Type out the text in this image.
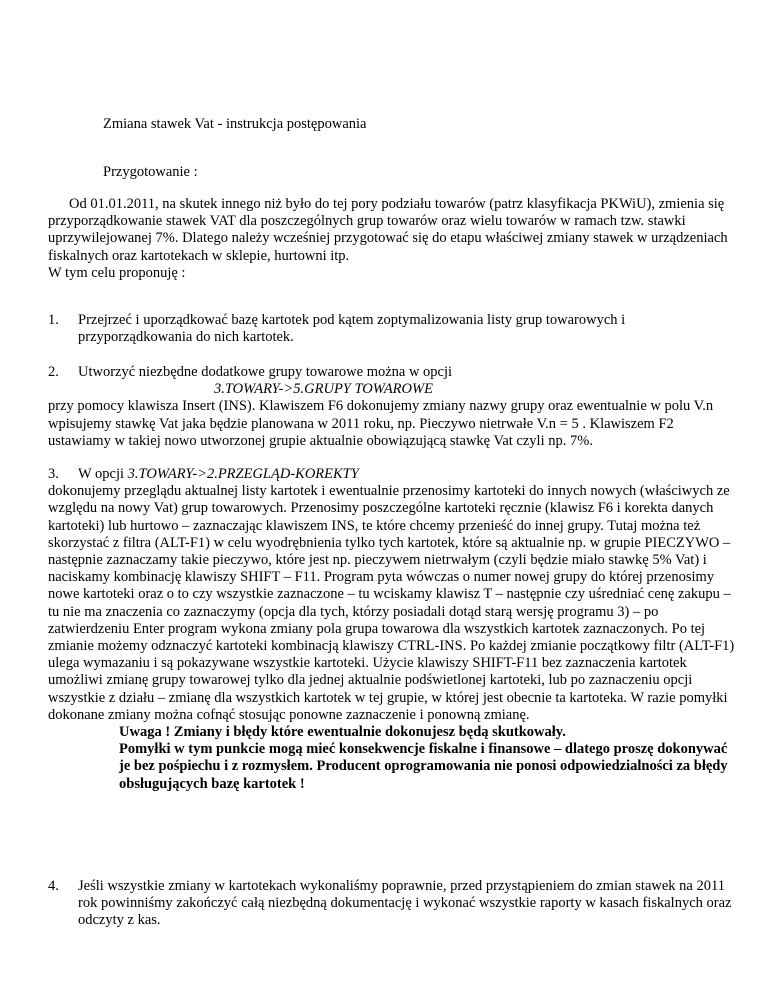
Zmiana stawek Vat - instrukcja postępowania
Przygotowanie :

Od 01.01.2011, na skutek innego niż było do tej pory podziału towarów (patrz klasyfikacja PKWiU), zmienia się przyporządkowanie stawek VAT dla poszczególnych grup towarów oraz wielu towarów w ramach tzw. stawki uprzywilejowanej 7%. Dlatego należy wcześniej przygotować się do etapu właściwej zmiany stawek w urządzeniach fiskalnych oraz kartotekach w sklepie, hurtowni itp.

W tym celu proponuję :

1.	Przejrzeć i uporządkować bazę kartotek pod kątem zoptymalizowania listy grup towarowych i przyporządkowania do nich kartotek.
2.	Utworzyć niezbędne dodatkowe grupy towarowe można w opcji
3.TOWARY->5.GRUPY TOWAROWE
przy pomocy klawisza Insert (INS). Klawiszem F6 dokonujemy zmiany nazwy grupy oraz ewentualnie w polu V.n wpisujemy stawkę Vat jaka będzie planowana w 2011 roku, np. Pieczywo nietrwałe V.n = 5 . Klawiszem F2 ustawiamy w takiej nowo utworzonej grupie aktualnie obowiązującą stawkę Vat czyli np. 7%.
3.	W opcji 3.TOWARY->2.PRZEGLĄD-KOREKTY
dokonujemy przeglądu aktualnej listy kartotek i ewentualnie przenosimy kartoteki do innych nowych (właściwych ze względu na nowy Vat) grup towarowych. Przenosimy poszczególne kartoteki ręcznie (klawisz F6 i korekta danych kartoteki) lub hurtowo – zaznaczając klawiszem INS, te które chcemy przenieść do innej grupy. Tutaj można też skorzystać z filtra (ALT-F1) w celu wyodrębnienia tylko tych kartotek, które są aktualnie np. w grupie PIECZYWO – następnie zaznaczamy takie pieczywo, które jest np. pieczywem nietrwałym (czyli będzie miało stawkę 5% Vat) i naciskamy kombinację klawiszy SHIFT – F11. Program pyta wówczas o numer nowej grupy do której przenosimy nowe kartoteki oraz o to czy wszystkie zaznaczone – tu wciskamy klawisz T – następnie czy uśredniać cenę zakupu – tu nie ma znaczenia co zaznaczymy (opcja dla tych, którzy posiadali dotąd starą wersję programu 3) – po zatwierdzeniu Enter program wykona zmiany pola grupa towarowa dla wszystkich kartotek zaznaczonych. Po tej zmianie możemy odznaczyć kartoteki kombinacją klawiszy CTRL-INS. Po każdej zmianie początkowy filtr (ALT-F1) ulega wymazaniu i są pokazywane wszystkie kartoteki. Użycie klawiszy SHIFT-F11 bez zaznaczenia kartotek umożliwi zmianę grupy towarowej tylko dla jednej aktualnie podświetlonej kartoteki, lub po zaznaczeniu opcji wszystkie z działu – zmianę dla wszystkich kartotek w tej grupie, w której jest obecnie ta kartoteka. W razie pomyłki dokonane zmiany można cofnąć stosując ponowne zaznaczenie i ponowną zmianę.
Uwaga ! Zmiany i błędy które ewentualnie dokonujesz będą skutkowały.
Pomyłki w tym punkcie mogą mieć konsekwencje fiskalne i finansowe – dlatego proszę dokonywać je bez pośpiechu i z rozmysłem. Producent oprogramowania nie ponosi odpowiedzialności za błędy obsługujących bazę kartotek !
4.	Jeśli wszystkie zmiany w kartotekach wykonaliśmy poprawnie, przed przystąpieniem do zmian stawek na 2011 rok powinniśmy zakończyć całą niezbędną dokumentację i wykonać wszystkie raporty w kasach fiskalnych oraz odczyty z kas.
